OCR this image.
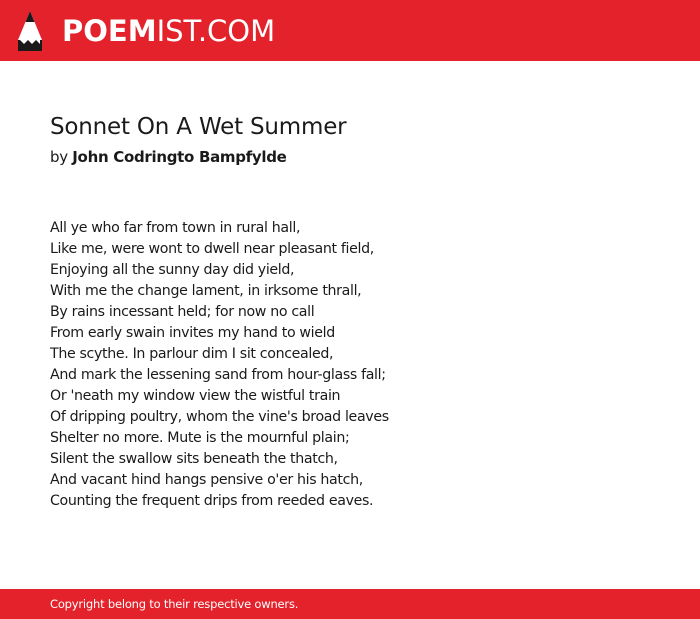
POEMIST.COM
Sonnet On A Wet Summer
by John Codringto Bampfylde
All ye who far from town in rural hall,
Like me, were wont to dwell near pleasant field,
Enjoying all the sunny day did yield,
With me the change lament, in irksome thrall,
By rains incessant held; for now no call
From early swain invites my hand to wield
The scythe. In parlour dim I sit concealed,
And mark the lessening sand from hour-glass fall;
Or 'neath my window view the wistful train
Of dripping poultry, whom the vine's broad leaves
Shelter no more. Mute is the mournful plain;
Silent the swallow sits beneath the thatch,
And vacant hind hangs pensive o'er his hatch,
Counting the frequent drips from reeded eaves.
Copyright belong to their respective owners.
